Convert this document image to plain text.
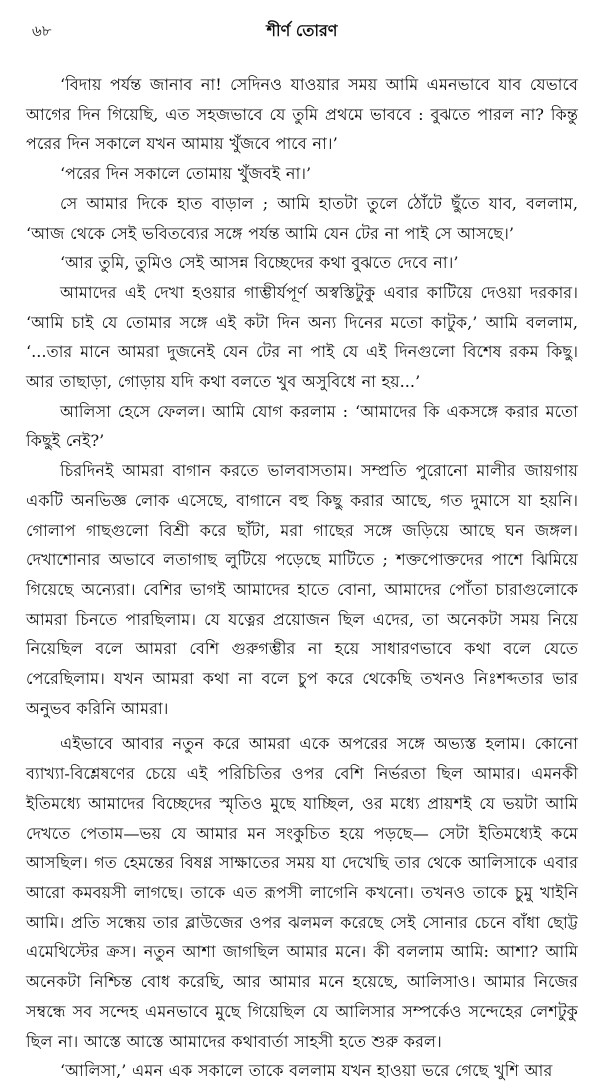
৬৮	শীর্ণ তোরণ

‘বিদায় পর্যন্ত জানাব না! সেদিনও যাওয়ার সময় আমি এমনভাবে যাব যেভাবে আগের দিন গিয়েছি, এত সহজভাবে যে তুমি প্রথমে ভাববে : বুঝতে পারল না? কিন্তু পরের দিন সকালে যখন আমায় খুঁজবে পাবে না।’

‘পরের দিন সকালে তোমায় খুঁজবই না।’

সে আমার দিকে হাত বাড়াল ; আমি হাতটা তুলে ঠোঁটে ছুঁতে যাব, বললাম, ‘আজ থেকে সেই ভবিতব্যের সঙ্গে পর্যন্ত আমি যেন টের না পাই সে আসছে।’

‘আর তুমি, তুমিও সেই আসন্ন বিচ্ছেদের কথা বুঝতে দেবে না।’

আমাদের এই দেখা হওয়ার গাম্ভীর্যপূর্ণ অস্বস্তিটুকু এবার কাটিয়ে দেওয়া দরকার। ‘আমি চাই যে তোমার সঙ্গে এই কটা দিন অন্য দিনের মতো কাটুক,’ আমি বললাম, ‘...তার মানে আমরা দুজনেই যেন টের না পাই যে এই দিনগুলো বিশেষ রকম কিছু। আর তাছাড়া, গোড়ায় যদি কথা বলতে খুব অসুবিধে না হয়...’

আলিসা হেসে ফেলল। আমি যোগ করলাম : ‘আমাদের কি একসঙ্গে করার মতো কিছুই নেই?’

চিরদিনই আমরা বাগান করতে ভালবাসতাম। সম্প্রতি পুরোনো মালীর জায়গায় একটি অনভিজ্ঞ লোক এসেছে, বাগানে বহু কিছু করার আছে, গত দুমাসে যা হয়নি। গোলাপ গাছগুলো বিশ্রী করে ছাঁটা, মরা গাছের সঙ্গে জড়িয়ে আছে ঘন জঙ্গল। দেখাশোনার অভাবে লতাগাছ লুটিয়ে পড়েছে মাটিতে ; শক্তপোক্তদের পাশে ঝিমিয়ে গিয়েছে অন্যেরা। বেশির ভাগই আমাদের হাতে বোনা, আমাদের পোঁতা চারাগুলোকে আমরা চিনতে পারছিলাম। যে যত্নের প্রয়োজন ছিল এদের, তা অনেকটা সময় নিয়ে নিয়েছিল বলে আমরা বেশি গুরুগম্ভীর না হয়ে সাধারণভাবে কথা বলে যেতে পেরেছিলাম। যখন আমরা কথা না বলে চুপ করে থেকেছি তখনও নিঃশব্দতার ভার অনুভব করিনি আমরা।

এইভাবে আবার নতুন করে আমরা একে অপরের সঙ্গে অভ্যস্ত হলাম। কোনো ব্যাখ্যা-বিশ্লেষণের চেয়ে এই পরিচিতির ওপর বেশি নির্ভরতা ছিল আমার। এমনকী ইতিমধ্যে আমাদের বিচ্ছেদের স্মৃতিও মুছে যাচ্ছিল, ওর মধ্যে প্রায়শই যে ভয়টা আমি দেখতে পেতাম—ভয় যে আমার মন সংকুচিত হয়ে পড়ছে— সেটা ইতিমধ্যেই কমে আসছিল। গত হেমন্তের বিষণ্ণ সাক্ষাতের সময় যা দেখেছি তার থেকে আলিসাকে এবার আরো কমবয়সী লাগছে। তাকে এত রূপসী লাগেনি কখনো। তখনও তাকে চুমু খাইনি আমি। প্রতি সন্ধেয় তার ব্লাউজের ওপর ঝলমল করেছে সেই সোনার চেনে বাঁধা ছোট্ট এমেথিস্টের ক্রস। নতুন আশা জাগছিল আমার মনে। কী বললাম আমি: আশা? আমি অনেকটা নিশ্চিন্ত বোধ করেছি, আর আমার মনে হয়েছে, আলিসাও। আমার নিজের সম্বন্ধে সব সন্দেহ এমনভাবে মুছে গিয়েছিল যে আলিসার সম্পর্কেও সন্দেহের লেশটুকু ছিল না। আস্তে আস্তে আমাদের কথাবার্তা সাহসী হতে শুরু করল।

‘আলিসা,’ এমন এক সকালে তাকে বললাম যখন হাওয়া ভরে গেছে খুশি আর
